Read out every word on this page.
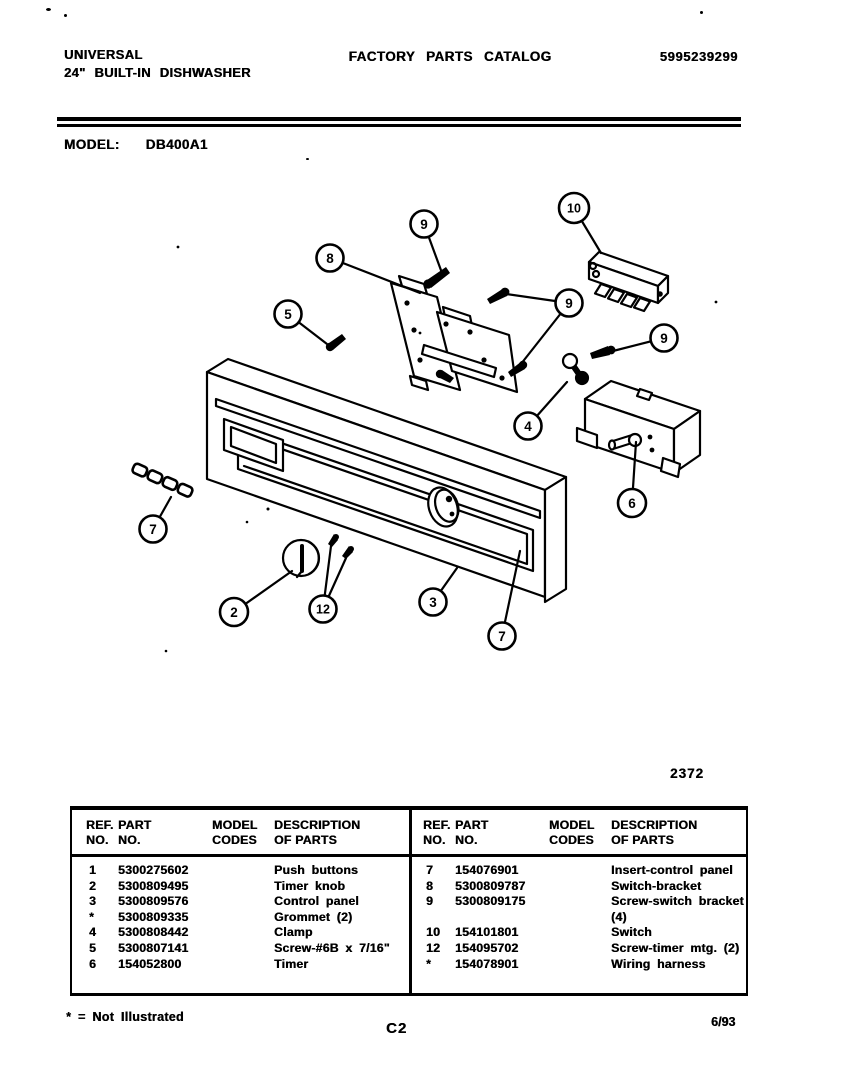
UNIVERSAL
24" BUILT-IN DISHWASHER
FACTORY PARTS CATALOG	5995239299
MODEL: DB400A1
2372
9
10
8
5
9
9
4
6
7
2	12	3
7
REF.
NO.
PART
NO.
MODEL
CODES
DESCRIPTION
OF PARTS
1	5300275602	Push buttons
2	5300809495	Timer knob
3	5300809576	Control panel
*	5300809335	Grommet (2)
4	5300808442	Clamp
5	5300807141	Screw-#6B x 7/16"
6	154052800	Timer
REF.
NO.
PART
NO.
MODEL
CODES
DESCRIPTION
OF PARTS
7	154076901	Insert-control panel
8	5300809787	Switch-bracket
9	5300809175	Screw-switch bracket
(4)
10	154101801	Switch
12	154095702	Screw-timer mtg. (2)
*	154078901	Wiring harness
* = Not Illustrated
C2	6/93
